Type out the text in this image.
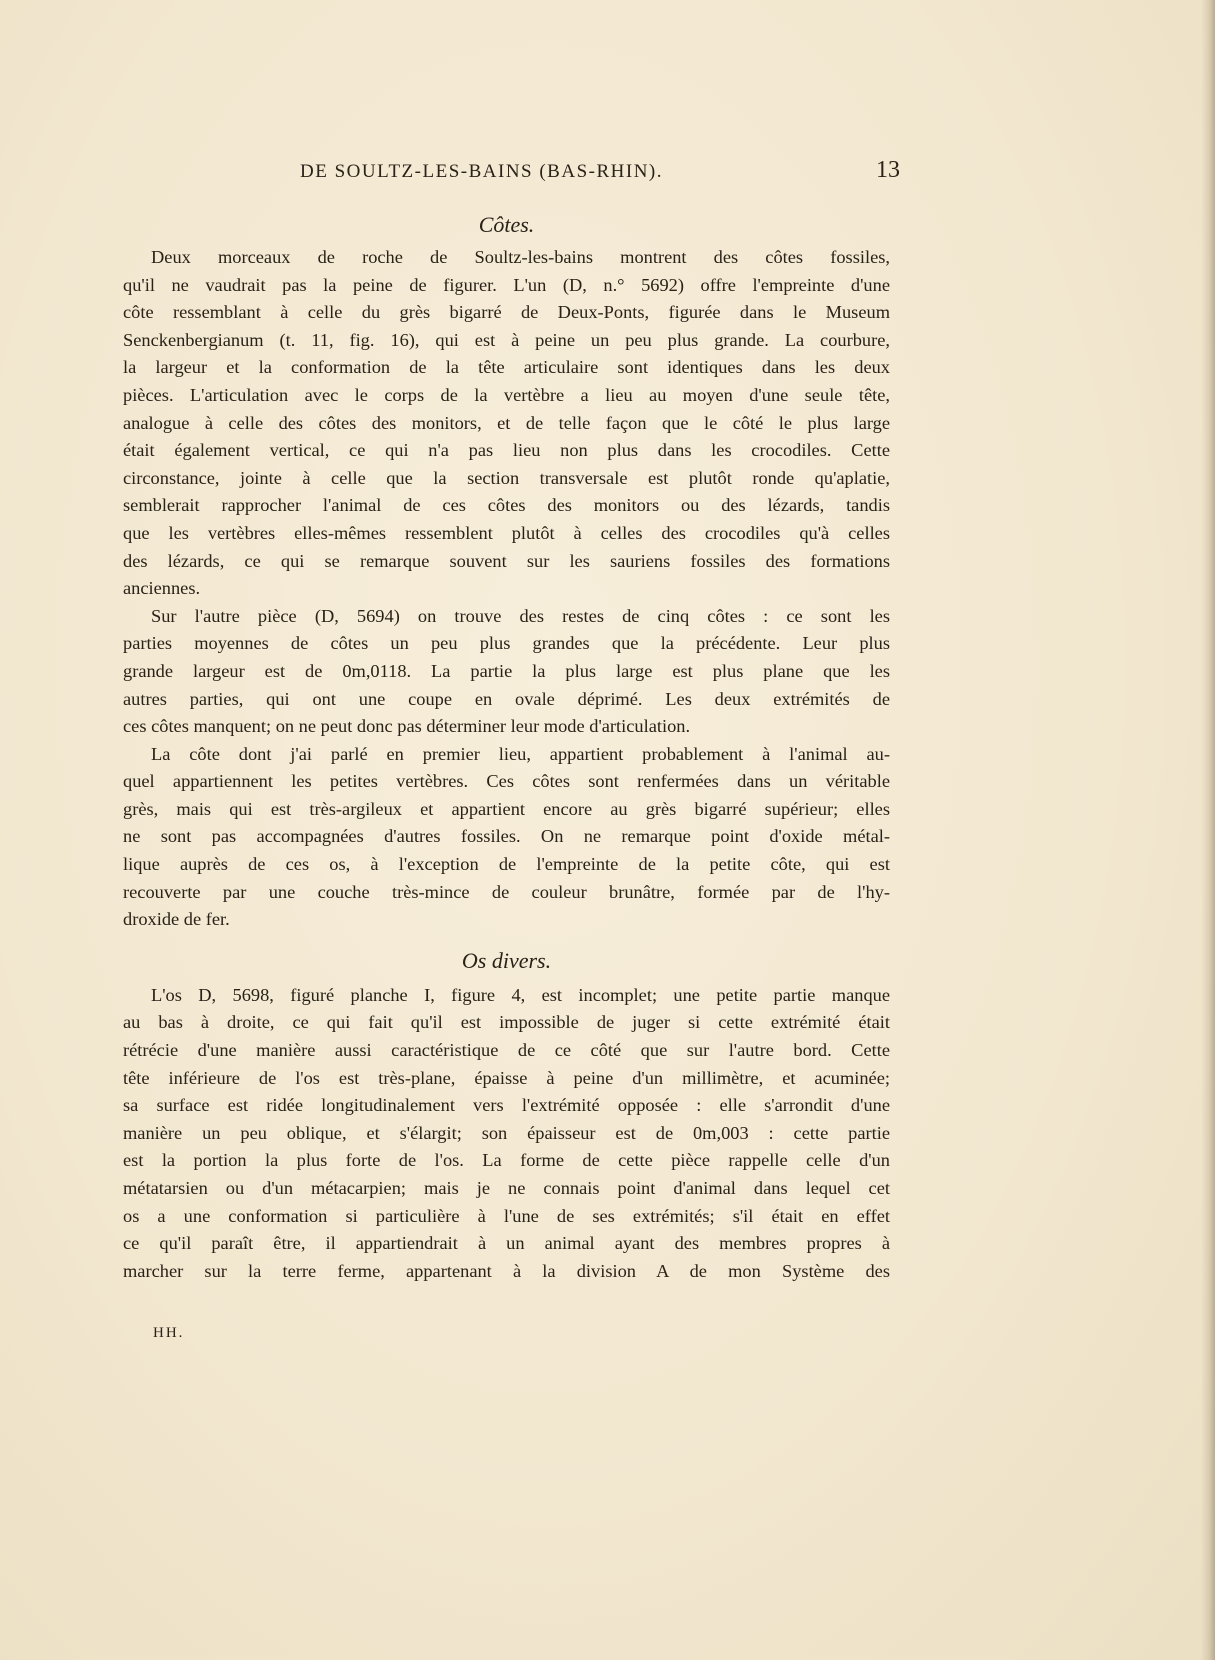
DE SOULTZ-LES-BAINS (BAS-RHIN).	13
Côtes.

Deux morceaux de roche de Soultz-les-bains montrent des côtes fossiles,
qu'il ne vaudrait pas la peine de figurer. L'un (D, n.° 5692) offre l'empreinte d'une
côte ressemblant à celle du grès bigarré de Deux-Ponts, figurée dans le Museum
Senckenbergianum (t. 11, fig. 16), qui est à peine un peu plus grande. La courbure,
la largeur et la conformation de la tête articulaire sont identiques dans les deux
pièces. L'articulation avec le corps de la vertèbre a lieu au moyen d'une seule tête,
analogue à celle des côtes des monitors, et de telle façon que le côté le plus large
était également vertical, ce qui n'a pas lieu non plus dans les crocodiles. Cette
circonstance, jointe à celle que la section transversale est plutôt ronde qu'aplatie,
semblerait rapprocher l'animal de ces côtes des monitors ou des lézards, tandis
que les vertèbres elles-mêmes ressemblent plutôt à celles des crocodiles qu'à celles
des lézards, ce qui se remarque souvent sur les sauriens fossiles des formations
anciennes.

Sur l'autre pièce (D, 5694) on trouve des restes de cinq côtes : ce sont les
parties moyennes de côtes un peu plus grandes que la précédente. Leur plus
grande largeur est de 0m,0118. La partie la plus large est plus plane que les
autres parties, qui ont une coupe en ovale déprimé. Les deux extrémités de
ces côtes manquent; on ne peut donc pas déterminer leur mode d'articulation.

La côte dont j'ai parlé en premier lieu, appartient probablement à l'animal au-
quel appartiennent les petites vertèbres. Ces côtes sont renfermées dans un véritable
grès, mais qui est très-argileux et appartient encore au grès bigarré supérieur; elles
ne sont pas accompagnées d'autres fossiles. On ne remarque point d'oxide métal-
lique auprès de ces os, à l'exception de l'empreinte de la petite côte, qui est
recouverte par une couche très-mince de couleur brunâtre, formée par de l'hy-
droxide de fer.

Os divers.

L'os D, 5698, figuré planche I, figure 4, est incomplet; une petite partie manque
au bas à droite, ce qui fait qu'il est impossible de juger si cette extrémité était
rétrécie d'une manière aussi caractéristique de ce côté que sur l'autre bord. Cette
tête inférieure de l'os est très-plane, épaisse à peine d'un millimètre, et acuminée;
sa surface est ridée longitudinalement vers l'extrémité opposée : elle s'arrondit d'une
manière un peu oblique, et s'élargit; son épaisseur est de 0m,003 : cette partie
est la portion la plus forte de l'os. La forme de cette pièce rappelle celle d'un
métatarsien ou d'un métacarpien; mais je ne connais point d'animal dans lequel cet
os a une conformation si particulière à l'une de ses extrémités; s'il était en effet
ce qu'il paraît être, il appartiendrait à un animal ayant des membres propres à
marcher sur la terre ferme, appartenant à la division A de mon Système des

HH.
